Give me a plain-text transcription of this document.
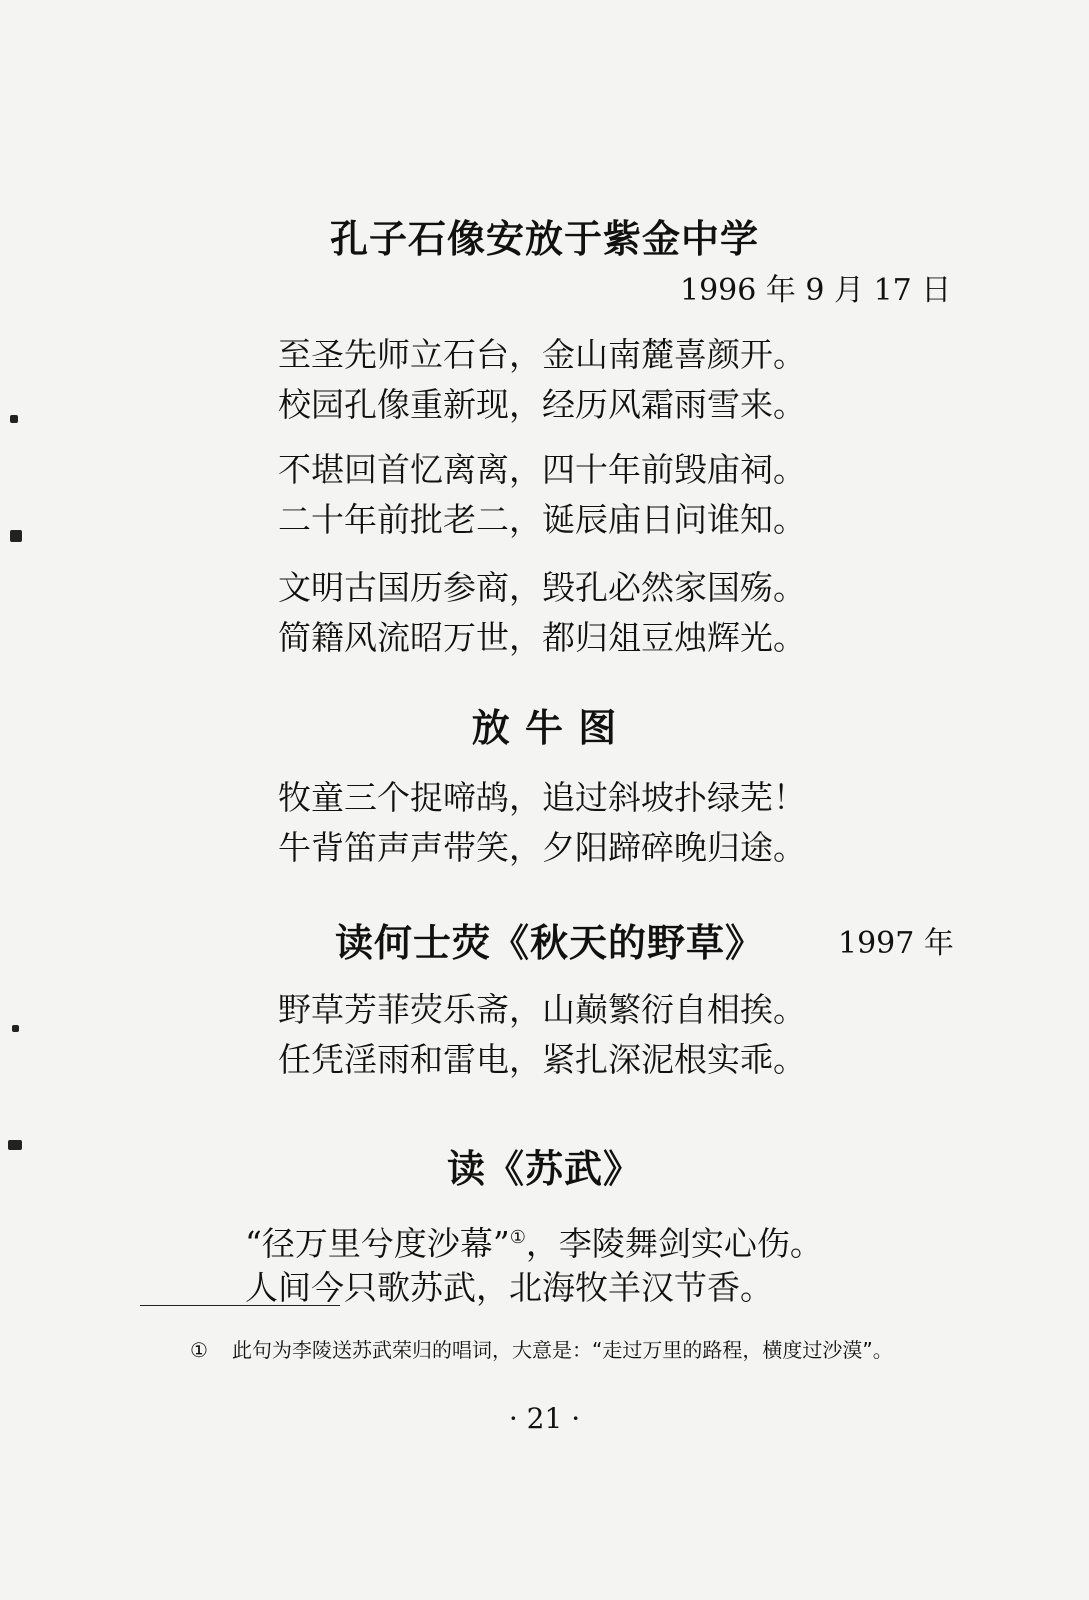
孔子石像安放于紫金中学
1996 年 9 月 17 日
至圣先师立石台，金山南麓喜颜开。
校园孔像重新现，经历风霜雨雪来。
不堪回首忆离离，四十年前毁庙祠。
二十年前批老二，诞辰庙日问谁知。
文明古国历参商，毁孔必然家国殇。
简籍风流昭万世，都归俎豆烛辉光。
放 牛 图
牧童三个捉啼鸪，追过斜坡扑绿芜！
牛背笛声声带笑，夕阳蹄碎晚归途。
读何士荧《秋天的野草》 1997 年
野草芳菲荧乐斋，山巅繁衍自相挨。
任凭淫雨和雷电，紧扎深泥根实乖。
读《苏武》
“径万里兮度沙幕”①，李陵舞剑实心伤。
人间今只歌苏武，北海牧羊汉节香。
① 此句为李陵送苏武荣归的唱词，大意是：“走过万里的路程，横度过沙漠”。
· 21 ·
